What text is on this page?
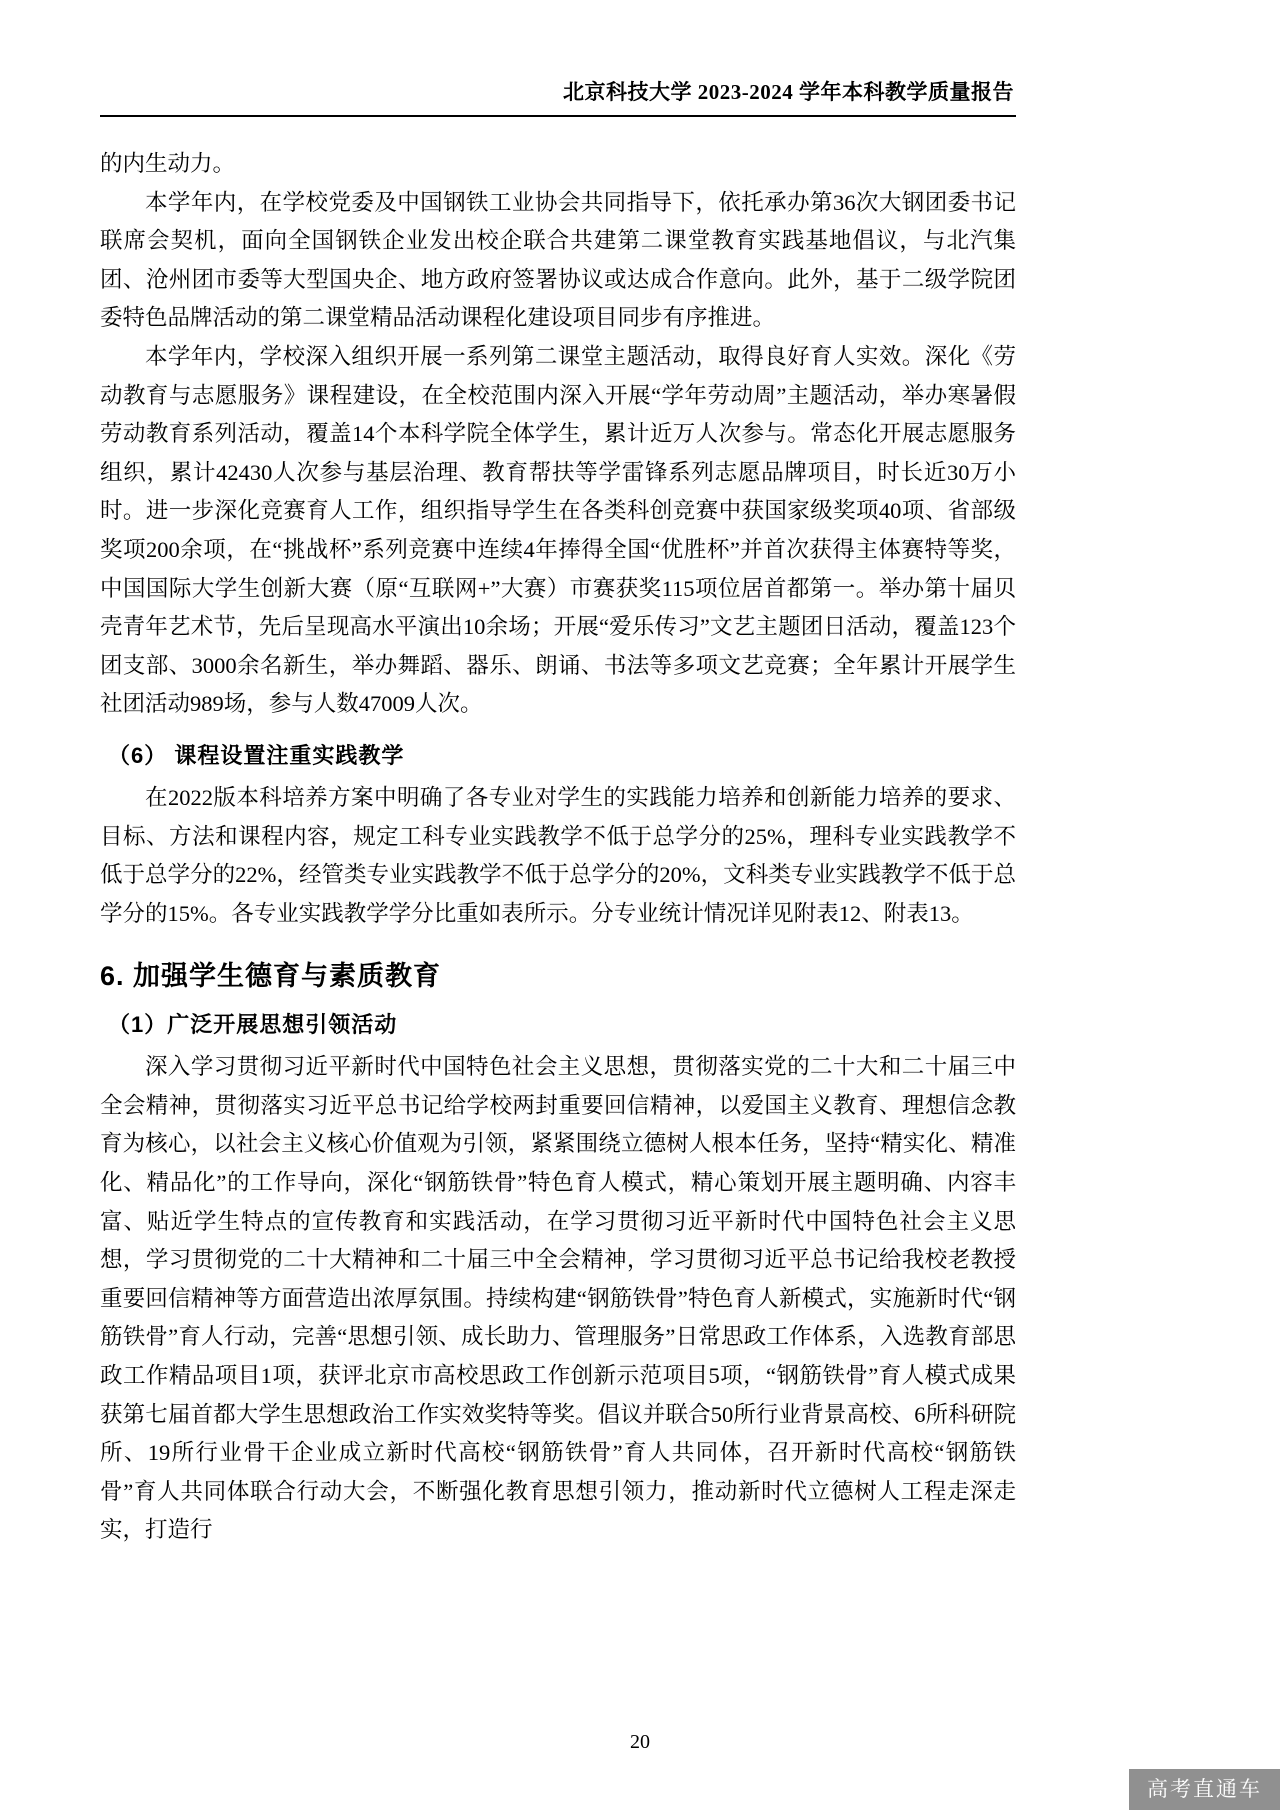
北京科技大学 2023-2024 学年本科教学质量报告

的内生动力。

本学年内，在学校党委及中国钢铁工业协会共同指导下，依托承办第36次大钢团委书记联席会契机，面向全国钢铁企业发出校企联合共建第二课堂教育实践基地倡议，与北汽集团、沧州团市委等大型国央企、地方政府签署协议或达成合作意向。此外，基于二级学院团委特色品牌活动的第二课堂精品活动课程化建设项目同步有序推进。

本学年内，学校深入组织开展一系列第二课堂主题活动，取得良好育人实效。深化《劳动教育与志愿服务》课程建设，在全校范围内深入开展“学年劳动周”主题活动，举办寒暑假劳动教育系列活动，覆盖14个本科学院全体学生，累计近万人次参与。常态化开展志愿服务组织，累计42430人次参与基层治理、教育帮扶等学雷锋系列志愿品牌项目，时长近30万小时。进一步深化竞赛育人工作，组织指导学生在各类科创竞赛中获国家级奖项40项、省部级奖项200余项，在“挑战杯”系列竞赛中连续4年捧得全国“优胜杯”并首次获得主体赛特等奖，中国国际大学生创新大赛（原“互联网+”大赛）市赛获奖115项位居首都第一。举办第十届贝壳青年艺术节，先后呈现高水平演出10余场；开展“爱乐传习”文艺主题团日活动，覆盖123个团支部、3000余名新生，举办舞蹈、器乐、朗诵、书法等多项文艺竞赛；全年累计开展学生社团活动989场，参与人数47009人次。

（6） 课程设置注重实践教学

在2022版本科培养方案中明确了各专业对学生的实践能力培养和创新能力培养的要求、目标、方法和课程内容，规定工科专业实践教学不低于总学分的25%，理科专业实践教学不低于总学分的22%，经管类专业实践教学不低于总学分的20%，文科类专业实践教学不低于总学分的15%。各专业实践教学学分比重如表所示。分专业统计情况详见附表12、附表13。

6. 加强学生德育与素质教育
（1）广泛开展思想引领活动

深入学习贯彻习近平新时代中国特色社会主义思想，贯彻落实党的二十大和二十届三中全会精神，贯彻落实习近平总书记给学校两封重要回信精神，以爱国主义教育、理想信念教育为核心，以社会主义核心价值观为引领，紧紧围绕立德树人根本任务，坚持“精实化、精准化、精品化”的工作导向，深化“钢筋铁骨”特色育人模式，精心策划开展主题明确、内容丰富、贴近学生特点的宣传教育和实践活动，在学习贯彻习近平新时代中国特色社会主义思想，学习贯彻党的二十大精神和二十届三中全会精神，学习贯彻习近平总书记给我校老教授重要回信精神等方面营造出浓厚氛围。持续构建“钢筋铁骨”特色育人新模式，实施新时代“钢筋铁骨”育人行动，完善“思想引领、成长助力、管理服务”日常思政工作体系，入选教育部思政工作精品项目1项，获评北京市高校思政工作创新示范项目5项，“钢筋铁骨”育人模式成果获第七届首都大学生思想政治工作实效奖特等奖。倡议并联合50所行业背景高校、6所科研院所、19所行业骨干企业成立新时代高校“钢筋铁骨”育人共同体，召开新时代高校“钢筋铁骨”育人共同体联合行动大会，不断强化教育思想引领力，推动新时代立德树人工程走深走实，打造行

20
高考直通车
